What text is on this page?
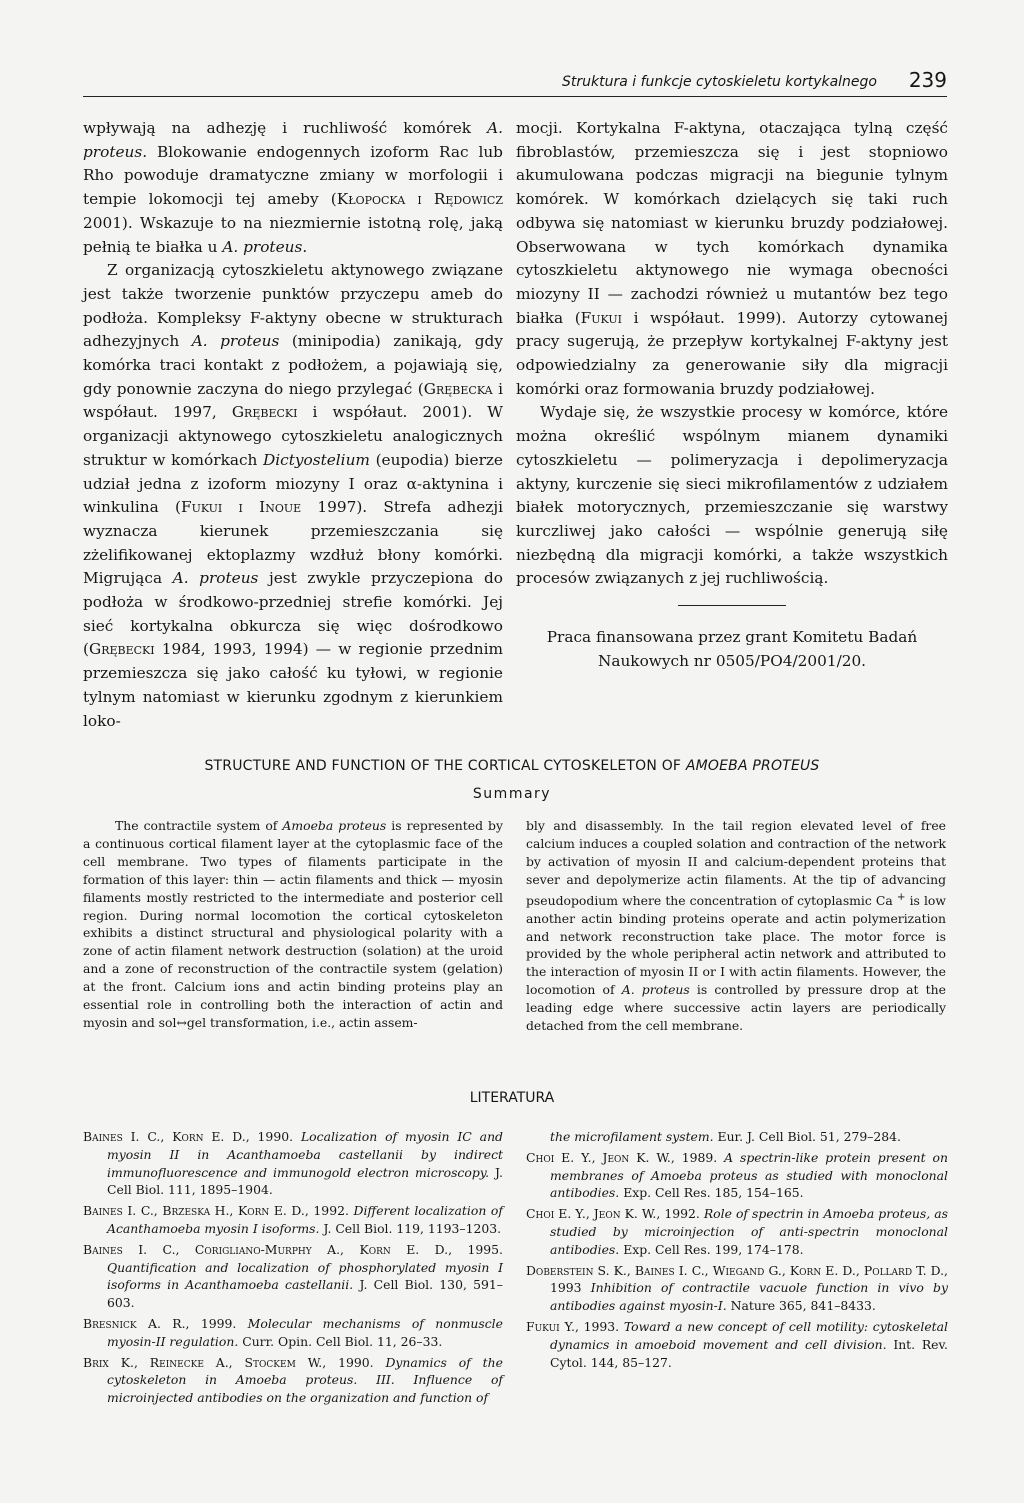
Struktura i funkcje cytoskieletu kortykalnego 239

wpływają na adhezję i ruchliwość komórek A. proteus. Blokowanie endogennych izoform Rac lub Rho powoduje dramatyczne zmiany w morfologii i tempie lokomocji tej ameby (Kłopocka i Rędowicz 2001). Wskazuje to na niezmiernie istotną rolę, jaką pełnią te białka u A. proteus.

Z organizacją cytoszkieletu aktynowego związane jest także tworzenie punktów przyczepu ameb do podłoża. Kompleksy F-aktyny obecne w strukturach adhezyjnych A. proteus (minipodia) zanikają, gdy komórka traci kontakt z podłożem, a pojawiają się, gdy ponownie zaczyna do niego przylegać (Grębecka i współaut. 1997, Grębecki i współaut. 2001). W organizacji aktynowego cytoszkieletu analogicznych struktur w komórkach Dictyostelium (eupodia) bierze udział jedna z izoform miozyny I oraz α-aktynina i winkulina (Fukui i Inoue 1997). Strefa adhezji wyznacza kierunek przemieszczania się zżelifikowanej ektoplazmy wzdłuż błony komórki. Migrująca A. proteus jest zwykle przyczepiona do podłoża w środkowo-przedniej strefie komórki. Jej sieć kortykalna obkurcza się więc dośrodkowo (Grębecki 1984, 1993, 1994) — w regionie przednim przemieszcza się jako całość ku tyłowi, w regionie tylnym natomiast w kierunku zgodnym z kierunkiem loko-

mocji. Kortykalna F-aktyna, otaczająca tylną część fibroblastów, przemieszcza się i jest stopniowo akumulowana podczas migracji na biegunie tylnym komórek. W komórkach dzielących się taki ruch odbywa się natomiast w kierunku bruzdy podziałowej. Obserwowana w tych komórkach dynamika cytoszkieletu aktynowego nie wymaga obecności miozyny II — zachodzi również u mutantów bez tego białka (Fukui i współaut. 1999). Autorzy cytowanej pracy sugerują, że przepływ kortykalnej F-aktyny jest odpowiedzialny za generowanie siły dla migracji komórki oraz formowania bruzdy podziałowej.

Wydaje się, że wszystkie procesy w komórce, które można określić wspólnym mianem dynamiki cytoszkieletu — polimeryzacja i depolimeryzacja aktyny, kurczenie się sieci mikrofilamentów z udziałem białek motorycznych, przemieszczanie się warstwy kurczliwej jako całości — wspólnie generują siłę niezbędną dla migracji komórki, a także wszystkich procesów związanych z jej ruchliwością.

Praca finansowana przez grant Komitetu Badań Naukowych nr 0505/PO4/2001/20.

STRUCTURE AND FUNCTION OF THE CORTICAL CYTOSKELETON OF AMOEBA PROTEUS
Summary
The contractile system of Amoeba proteus is represented by a continuous cortical filament layer at the cytoplasmic face of the cell membrane. Two types of filaments participate in the formation of this layer: thin — actin filaments and thick — myosin filaments mostly restricted to the intermediate and posterior cell region. During normal locomotion the cortical cytoskeleton exhibits a distinct structural and physiological polarity with a zone of actin filament network destruction (solation) at the uroid and a zone of reconstruction of the contractile system (gelation) at the front. Calcium ions and actin binding proteins play an essential role in controlling both the interaction of actin and myosin and sol↔gel transformation, i.e., actin assem-
bly and disassembly. In the tail region elevated level of free calcium induces a coupled solation and contraction of the network by activation of myosin II and calcium-dependent proteins that sever and depolymerize actin filaments. At the tip of advancing pseudopodium where the concentration of cytoplasmic Ca + is low another actin binding proteins operate and actin polymerization and network reconstruction take place. The motor force is provided by the whole peripheral actin network and attributed to the interaction of myosin II or I with actin filaments. However, the locomotion of A. proteus is controlled by pressure drop at the leading edge where successive actin layers are periodically detached from the cell membrane.
LITERATURA

Baines I. C., Korn E. D., 1990. Localization of myosin IC and myosin II in Acanthamoeba castellanii by indirect immunofluorescence and immunogold electron microscopy. J. Cell Biol. 111, 1895–1904.

Baines I. C., Brzeska H., Korn E. D., 1992. Different localization of Acanthamoeba myosin I isoforms. J. Cell Biol. 119, 1193–1203.

Baines I. C., Corigliano-Murphy A., Korn E. D., 1995. Quantification and localization of phosphorylated myosin I isoforms in Acanthamoeba castellanii. J. Cell Biol. 130, 591–603.

Bresnick A. R., 1999. Molecular mechanisms of nonmuscle myosin-II regulation. Curr. Opin. Cell Biol. 11, 26–33.

Brix K., Reinecke A., Stockem W., 1990. Dynamics of the cytoskeleton in Amoeba proteus. III. Influence of microinjected antibodies on the organization and function of

the microfilament system. Eur. J. Cell Biol. 51, 279–284.

Choi E. Y., Jeon K. W., 1989. A spectrin-like protein present on membranes of Amoeba proteus as studied with monoclonal antibodies. Exp. Cell Res. 185, 154–165.

Choi E. Y., Jeon K. W., 1992. Role of spectrin in Amoeba proteus, as studied by microinjection of anti-spectrin monoclonal antibodies. Exp. Cell Res. 199, 174–178.

Doberstein S. K., Baines I. C., Wiegand G., Korn E. D., Pollard T. D., 1993 Inhibition of contractile vacuole function in vivo by antibodies against myosin-I. Nature 365, 841–8433.

Fukui Y., 1993. Toward a new concept of cell motility: cytoskeletal dynamics in amoeboid movement and cell division. Int. Rev. Cytol. 144, 85–127.
